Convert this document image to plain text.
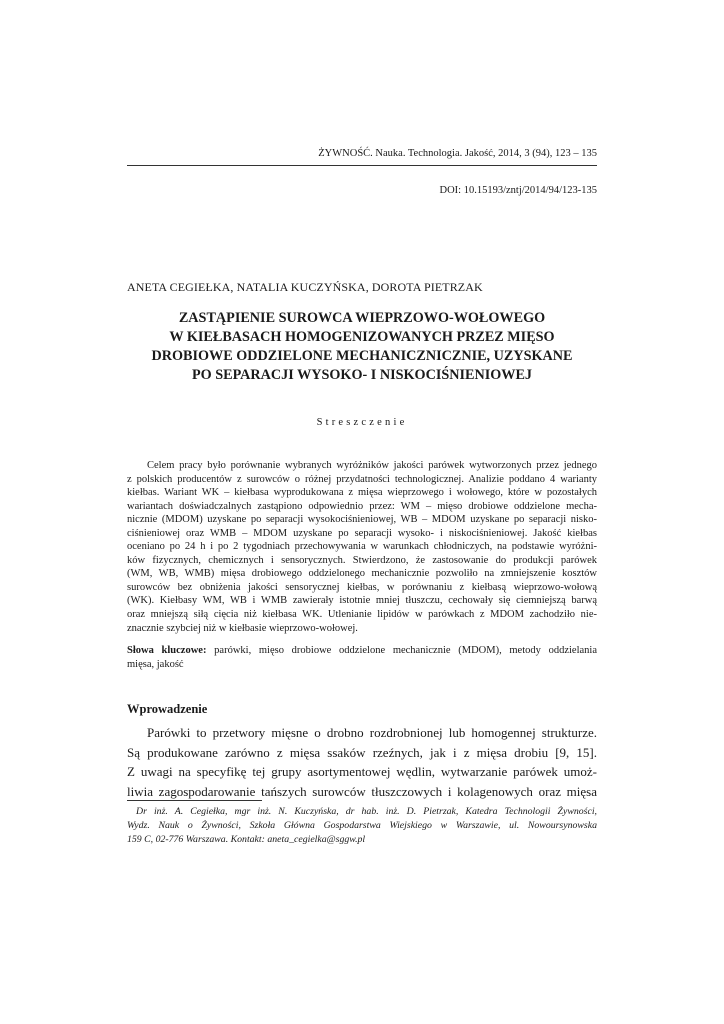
ŻYWNOŚĆ. Nauka. Technologia. Jakość, 2014, 3 (94), 123 – 135
DOI: 10.15193/zntj/2014/94/123-135
ANETA CEGIEŁKA, NATALIA KUCZYŃSKA, DOROTA PIETRZAK
ZASTĄPIENIE SUROWCA WIEPRZOWO-WOŁOWEGO
W KIEŁBASACH HOMOGENIZOWANYCH PRZEZ MIĘSO
DROBIOWE ODDZIELONE MECHANICZNICZNIE, UZYSKANE
PO SEPARACJI WYSOKO- I NISKOCIŚNIENIOWEJ
Streszczenie
Celem pracy było porównanie wybranych wyróżników jakości parówek wytworzonych przez jednego
z polskich producentów z surowców o różnej przydatności technologicznej. Analizie poddano 4 warianty
kiełbas. Wariant WK – kiełbasa wyprodukowana z mięsa wieprzowego i wołowego, które w pozostałych
wariantach doświadczalnych zastąpiono odpowiednio przez: WM – mięso drobiowe oddzielone mecha-
nicznie (MDOM) uzyskane po separacji wysokociśnieniowej, WB – MDOM uzyskane po separacji nisko-
ciśnieniowej oraz WMB – MDOM uzyskane po separacji wysoko- i niskociśnieniowej. Jakość kiełbas
oceniano po 24 h i po 2 tygodniach przechowywania w warunkach chłodniczych, na podstawie wyróżni-
ków fizycznych, chemicznych i sensorycznych. Stwierdzono, że zastosowanie do produkcji parówek
(WM, WB, WMB) mięsa drobiowego oddzielonego mechanicznie pozwoliło na zmniejszenie kosztów
surowców bez obniżenia jakości sensorycznej kiełbas, w porównaniu z kiełbasą wieprzowo-wołową
(WK). Kiełbasy WM, WB i WMB zawierały istotnie mniej tłuszczu, cechowały się ciemniejszą barwą
oraz mniejszą siłą cięcia niż kiełbasa WK. Utlenianie lipidów w parówkach z MDOM zachodziło nie-
znacznie szybciej niż w kiełbasie wieprzowo-wołowej.
Słowa kluczowe: parówki, mięso drobiowe oddzielone mechanicznie (MDOM), metody oddzielania
mięsa, jakość
Wprowadzenie
Parówki to przetwory mięsne o drobno rozdrobnionej lub homogennej strukturze.
Są produkowane zarówno z mięsa ssaków rzeźnych, jak i z mięsa drobiu [9, 15].
Z uwagi na specyfikę tej grupy asortymentowej wędlin, wytwarzanie parówek umoż-
liwia zagospodarowanie tańszych surowców tłuszczowych i kolagenowych oraz mięsa
Dr inż. A. Cegiełka, mgr inż. N. Kuczyńska, dr hab. inż. D. Pietrzak, Katedra Technologii Żywności,
Wydz. Nauk o Żywności, Szkoła Główna Gospodarstwa Wiejskiego w Warszawie, ul. Nowoursynowska
159 C, 02-776 Warszawa. Kontakt: aneta_cegielka@sggw.pl
